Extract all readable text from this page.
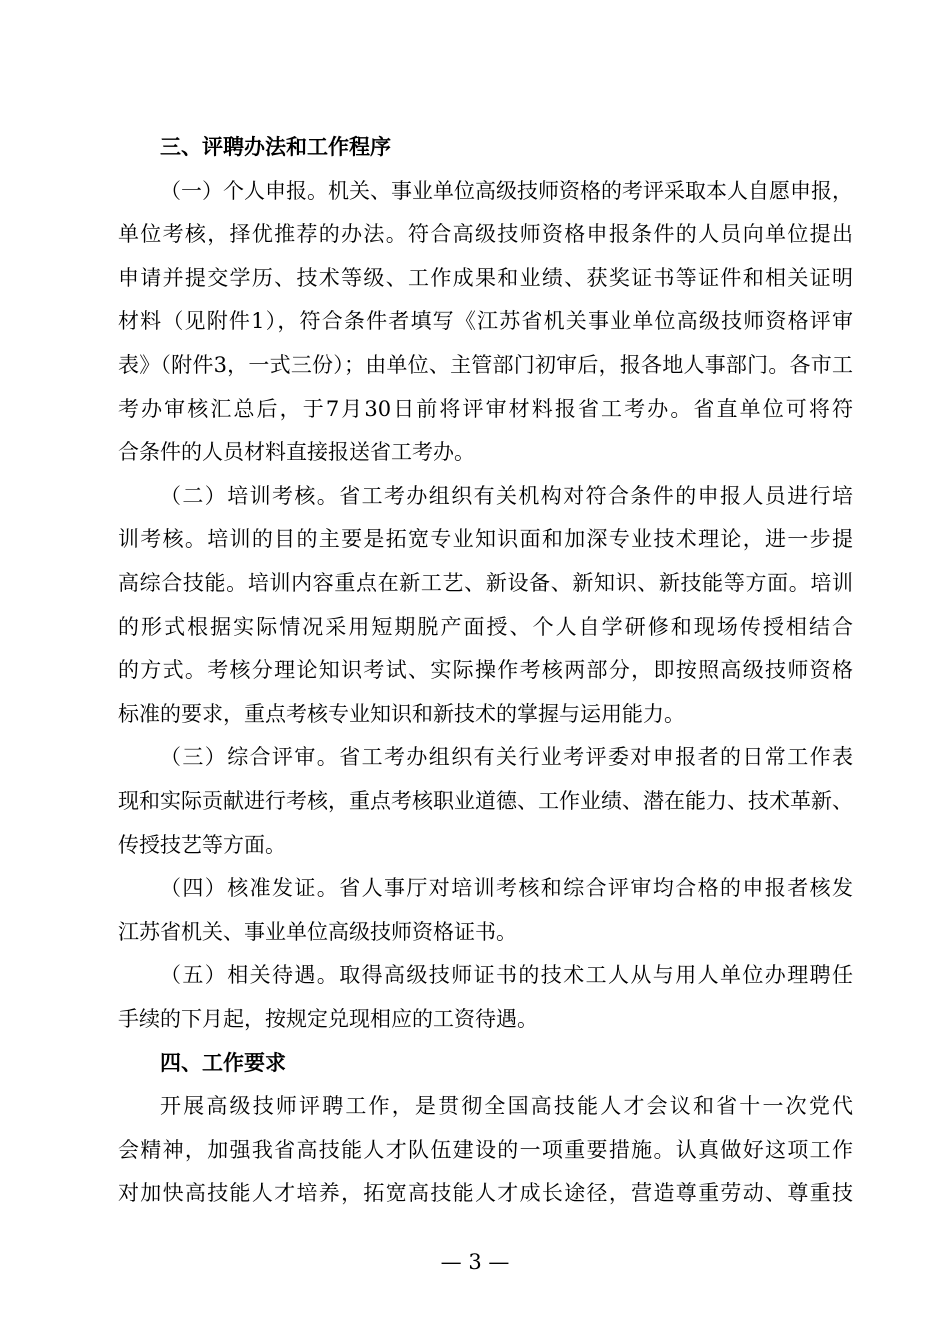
三、评聘办法和工作程序
（一）个人申报。机关、事业单位高级技师资格的考评采取本人自愿申报，
单位考核，择优推荐的办法。符合高级技师资格申报条件的人员向单位提出
申请并提交学历、技术等级、工作成果和业绩、获奖证书等证件和相关证明
材料（见附件1），符合条件者填写《江苏省机关事业单位高级技师资格评审
表》（附件3，一式三份）；由单位、主管部门初审后，报各地人事部门。各市工
考办审核汇总后，于7月30日前将评审材料报省工考办。省直单位可将符
合条件的人员材料直接报送省工考办。
（二）培训考核。省工考办组织有关机构对符合条件的申报人员进行培
训考核。培训的目的主要是拓宽专业知识面和加深专业技术理论，进一步提
高综合技能。培训内容重点在新工艺、新设备、新知识、新技能等方面。培训
的形式根据实际情况采用短期脱产面授、个人自学研修和现场传授相结合
的方式。考核分理论知识考试、实际操作考核两部分，即按照高级技师资格
标准的要求，重点考核专业知识和新技术的掌握与运用能力。
（三）综合评审。省工考办组织有关行业考评委对申报者的日常工作表
现和实际贡献进行考核，重点考核职业道德、工作业绩、潜在能力、技术革新、
传授技艺等方面。
（四）核准发证。省人事厅对培训考核和综合评审均合格的申报者核发
江苏省机关、事业单位高级技师资格证书。
（五）相关待遇。取得高级技师证书的技术工人从与用人单位办理聘任
手续的下月起，按规定兑现相应的工资待遇。
四、工作要求
开展高级技师评聘工作，是贯彻全国高技能人才会议和省十一次党代
会精神，加强我省高技能人才队伍建设的一项重要措施。认真做好这项工作
对加快高技能人才培养，拓宽高技能人才成长途径，营造尊重劳动、尊重技
— 3 —
